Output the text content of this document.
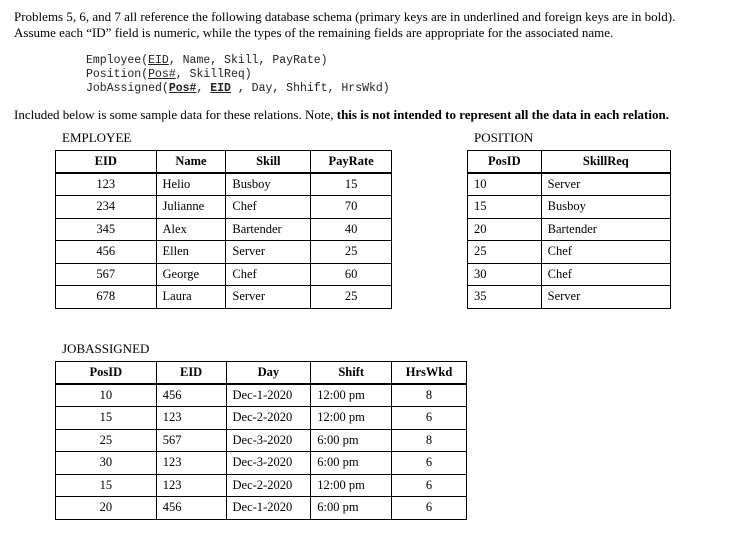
Problems 5, 6, and 7 all reference the following database schema (primary keys are in underlined and foreign keys are in bold).
Assume each “ID” field is numeric, while the types of the remaining fields are appropriate for the associated name.
Employee(EID, Name, Skill, PayRate)
Position(Pos#, SkillReq)
JobAssigned(Pos#, EID , Day, Shhift, HrsWkd)
Included below is some sample data for these relations. Note, this is not intended to represent all the data in each relation.
EMPLOYEE
EID	Name	Skill	PayRate
123	Helio	Busboy	15
234	Julianne	Chef	70
345	Alex	Bartender	40
456	Ellen	Server	25
567	George	Chef	60
678	Laura	Server	25
POSITION
PosID	SkillReq
10	Server
15	Busboy
20	Bartender
25	Chef
30	Chef
35	Server
JOBASSIGNED
PosID	EID	Day	Shift	HrsWkd
10	456	Dec-1-2020	12:00 pm	8
15	123	Dec-2-2020	12:00 pm	6
25	567	Dec-3-2020	6:00 pm	8
30	123	Dec-3-2020	6:00 pm	6
15	123	Dec-2-2020	12:00 pm	6
20	456	Dec-1-2020	6:00 pm	6
